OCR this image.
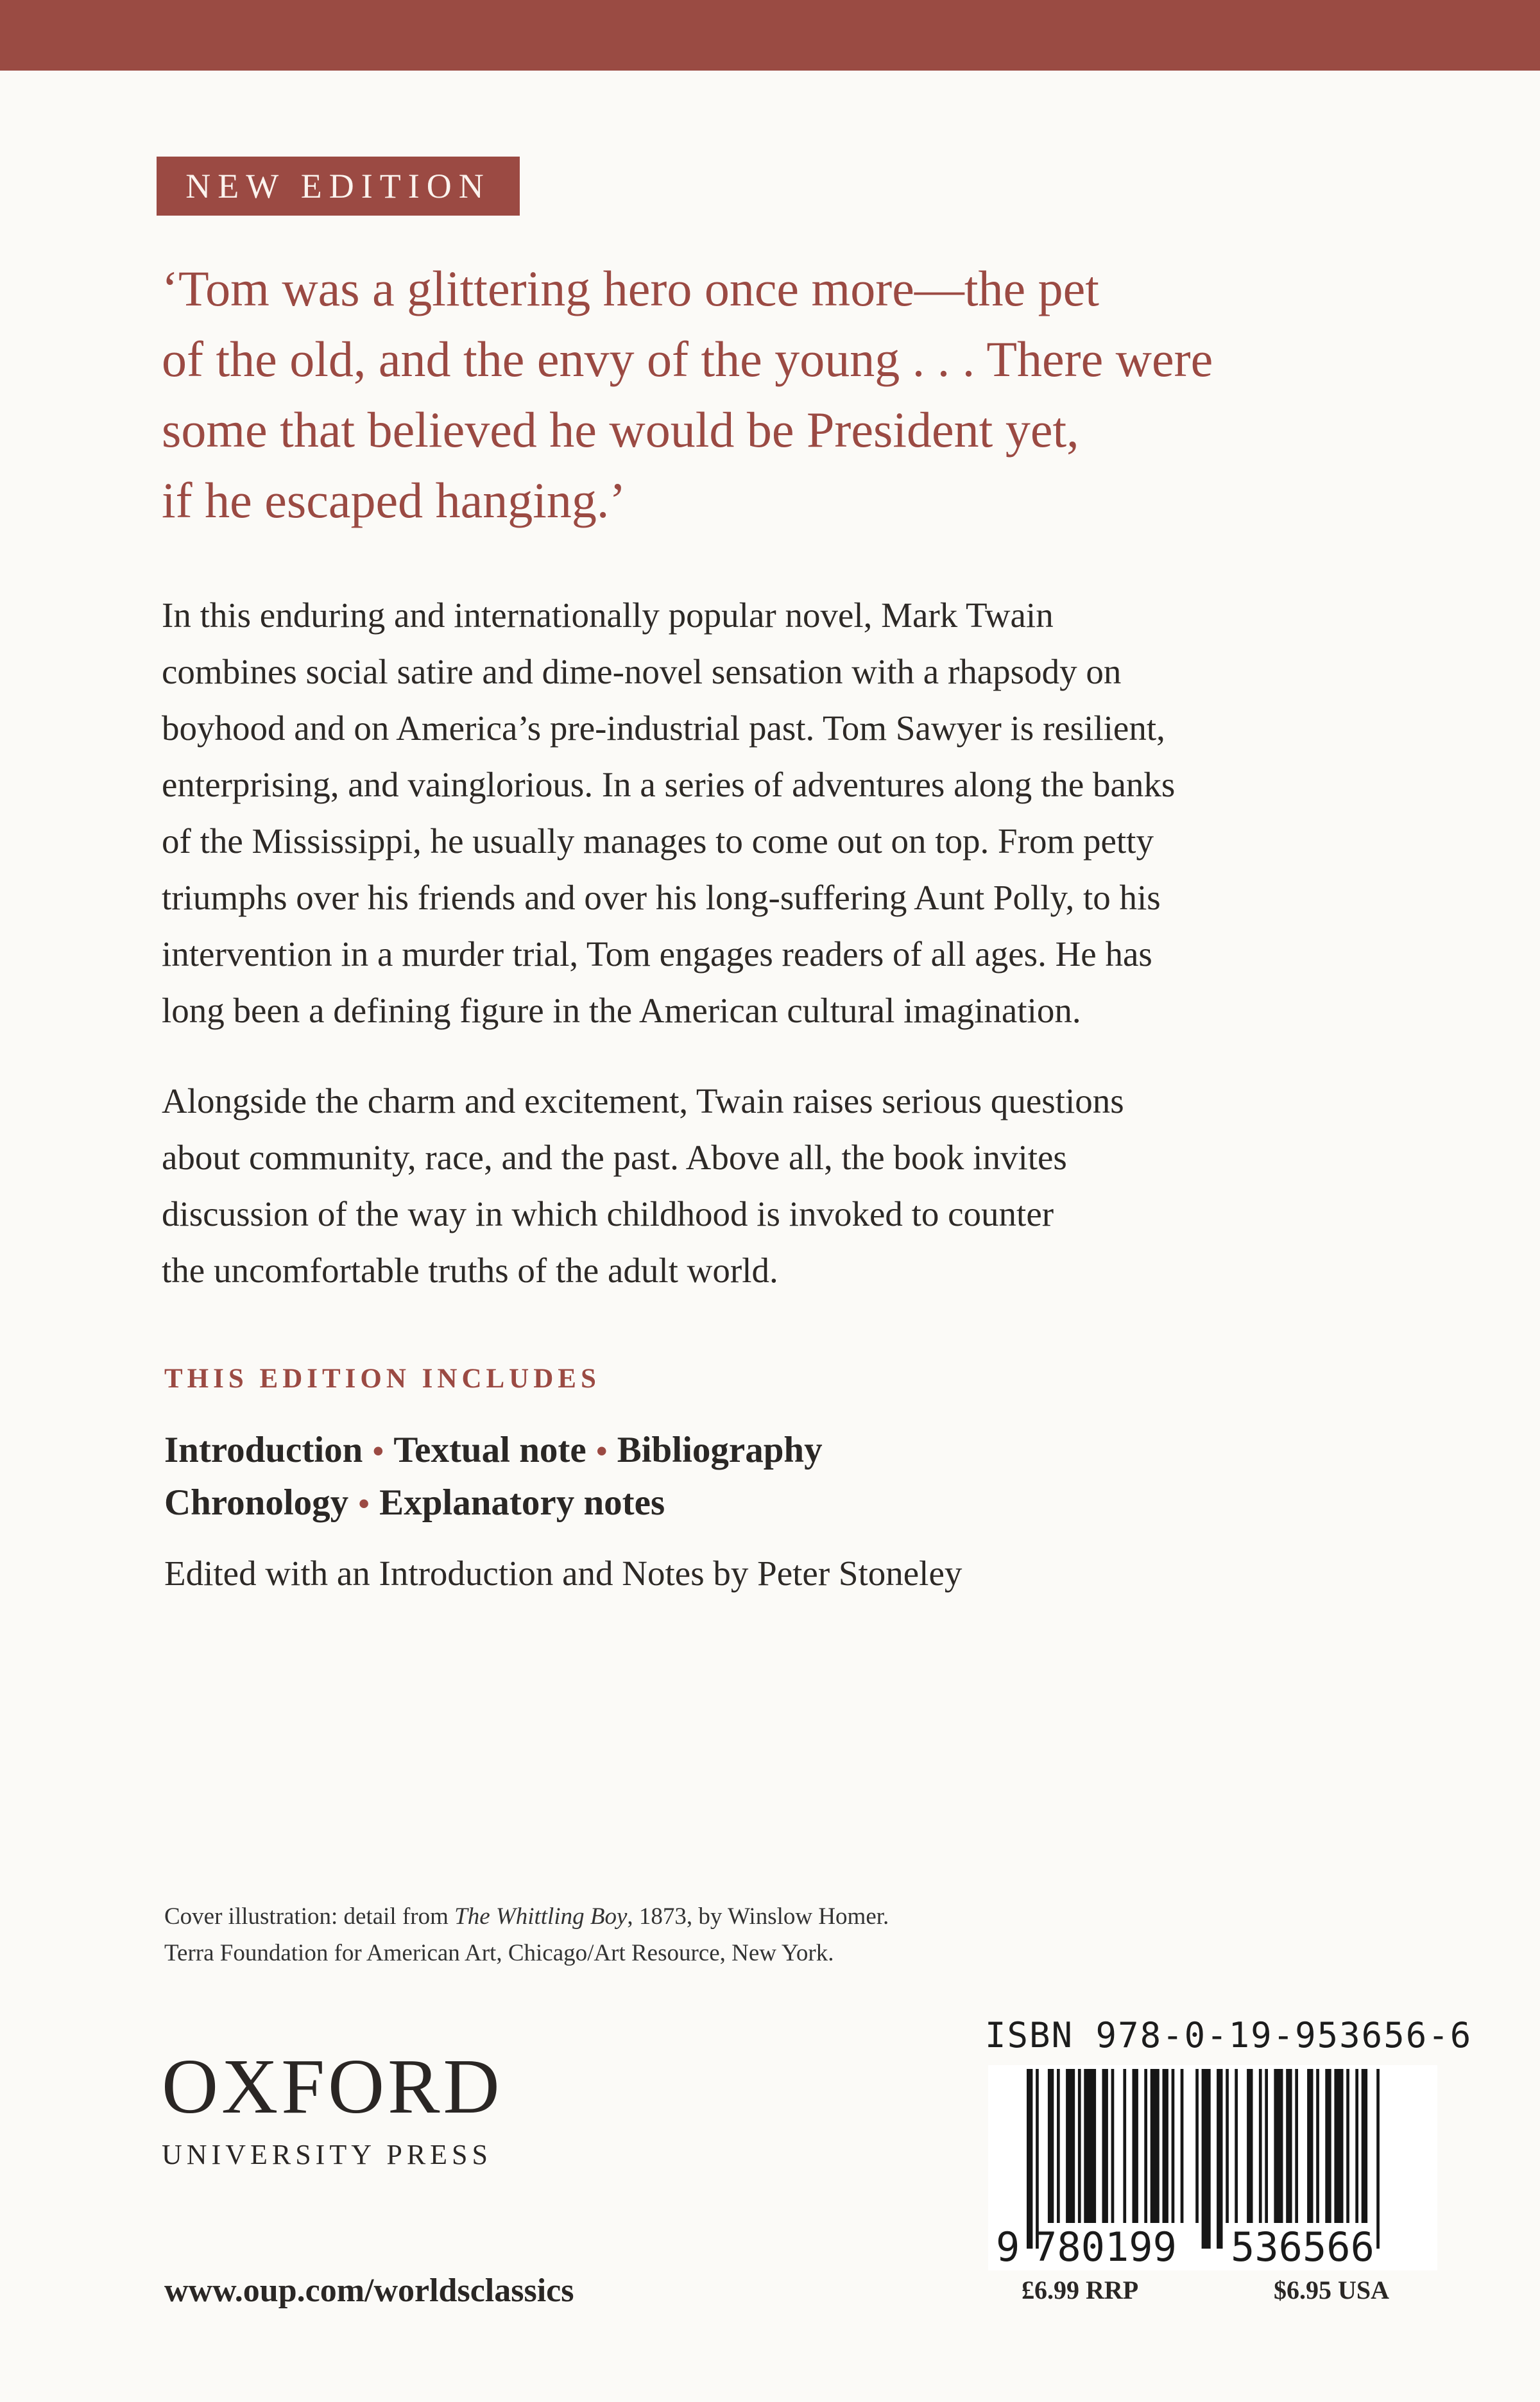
NEW EDITION
‘Tom was a glittering hero once more—the pet
of the old, and the envy of the young . . . There were
some that believed he would be President yet,
if he escaped hanging.’
In this enduring and internationally popular novel, Mark Twain
combines social satire and dime-novel sensation with a rhapsody on
boyhood and on America’s pre-industrial past. Tom Sawyer is resilient,
enterprising, and vainglorious. In a series of adventures along the banks
of the Mississippi, he usually manages to come out on top. From petty
triumphs over his friends and over his long-suffering Aunt Polly, to his
intervention in a murder trial, Tom engages readers of all ages. He has
long been a defining figure in the American cultural imagination.
Alongside the charm and excitement, Twain raises serious questions
about community, race, and the past. Above all, the book invites
discussion of the way in which childhood is invoked to counter
the uncomfortable truths of the adult world.
THIS EDITION INCLUDES
Introduction • Textual note • Bibliography
Chronology • Explanatory notes
Edited with an Introduction and Notes by Peter Stoneley
Cover illustration: detail from The Whittling Boy, 1873, by Winslow Homer.
Terra Foundation for American Art, Chicago/Art Resource, New York.
OXFORD
UNIVERSITY PRESS
www.oup.com/worldsclassics
ISBN 978-0-19-953656-6
9 780199 536566
£6.99 RRP	$6.95 USA
